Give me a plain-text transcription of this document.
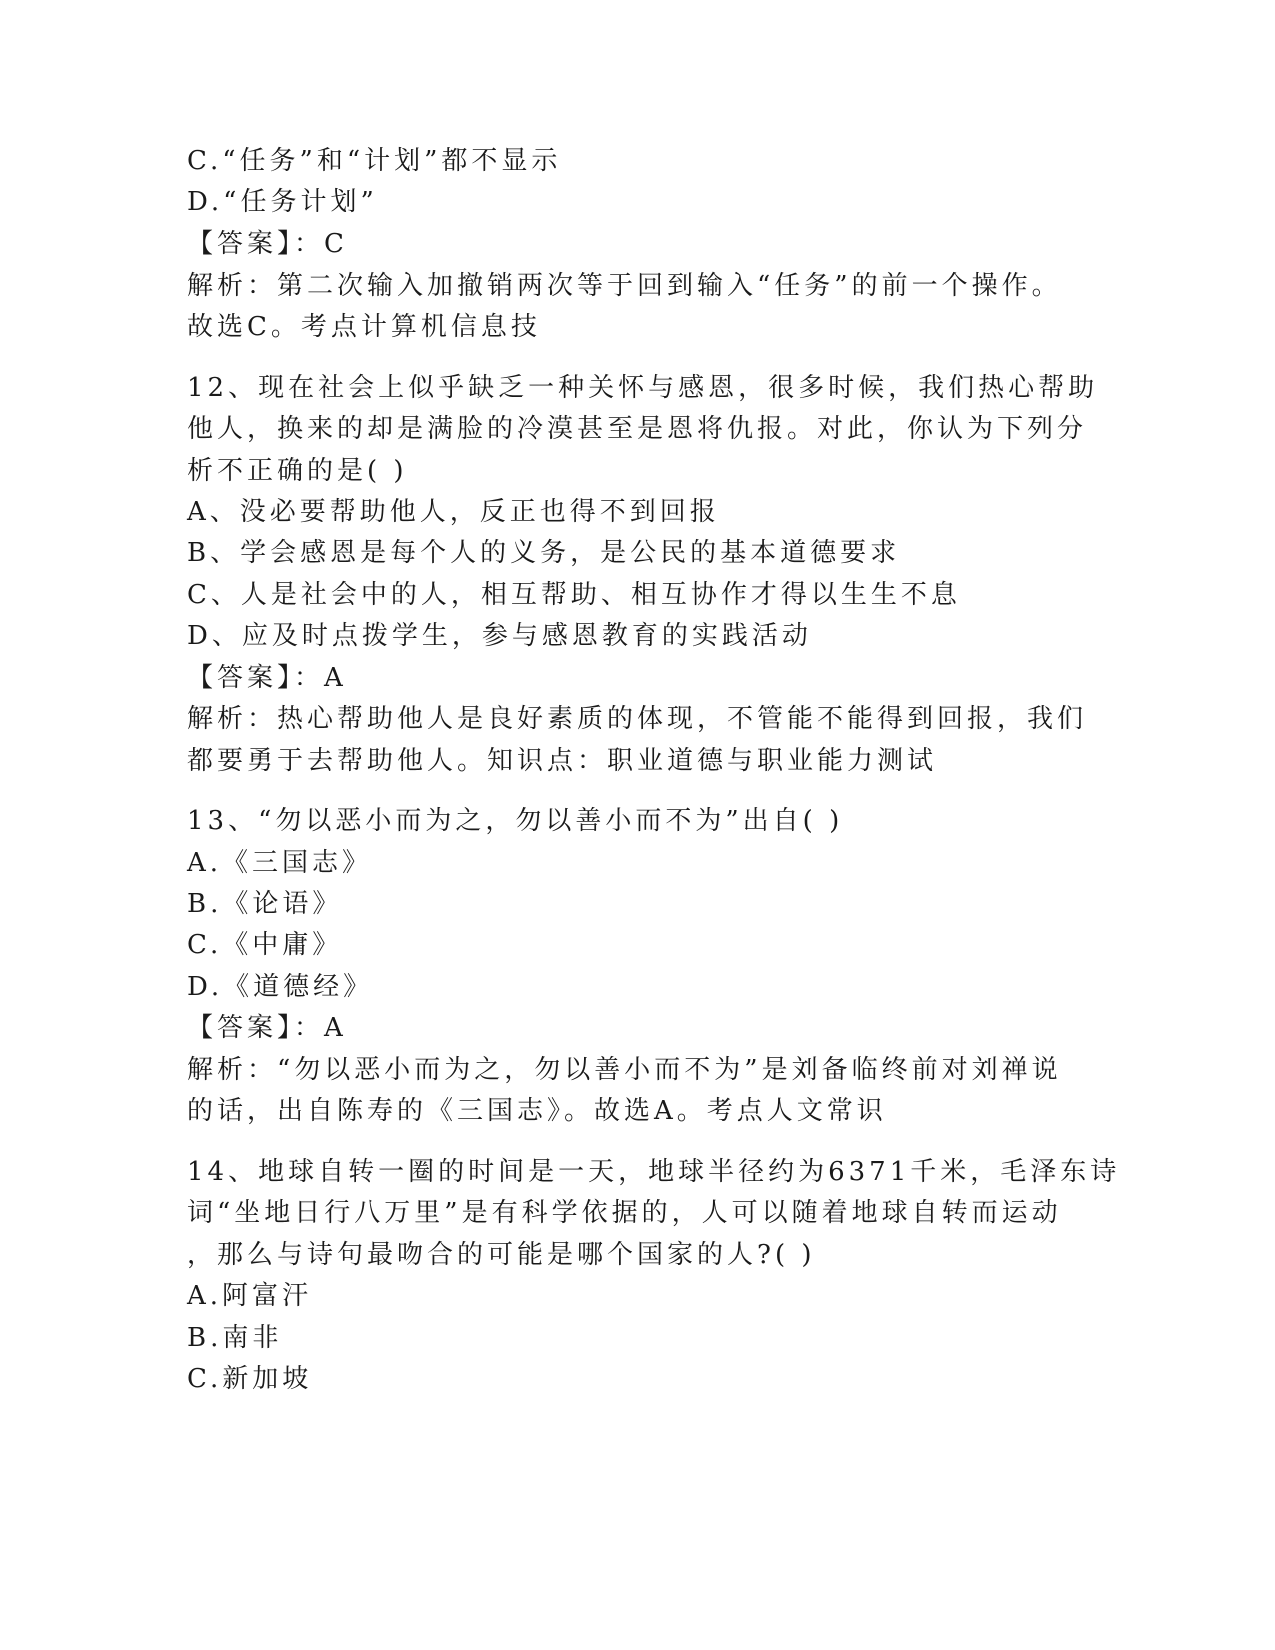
C.“任务”和“计划”都不显示
D.“任务计划”
【答案】：C
解析：第二次输入加撤销两次等于回到输入“任务”的前一个操作。
故选C。考点计算机信息技
12、现在社会上似乎缺乏一种关怀与感恩，很多时候，我们热心帮助
他人，换来的却是满脸的冷漠甚至是恩将仇报。对此，你认为下列分
析不正确的是( )
A、没必要帮助他人，反正也得不到回报
B、学会感恩是每个人的义务，是公民的基本道德要求
C、人是社会中的人，相互帮助、相互协作才得以生生不息
D、应及时点拨学生，参与感恩教育的实践活动
【答案】：A
解析：热心帮助他人是良好素质的体现，不管能不能得到回报，我们
都要勇于去帮助他人。知识点：职业道德与职业能力测试
13、“勿以恶小而为之，勿以善小而不为”出自( )
A.《三国志》
B.《论语》
C.《中庸》
D.《道德经》
【答案】：A
解析：“勿以恶小而为之，勿以善小而不为”是刘备临终前对刘禅说
的话，出自陈寿的《三国志》。故选A。考点人文常识
14、地球自转一圈的时间是一天，地球半径约为6371千米，毛泽东诗
词“坐地日行八万里”是有科学依据的，人可以随着地球自转而运动
，那么与诗句最吻合的可能是哪个国家的人?( )
A.阿富汗
B.南非
C.新加坡
